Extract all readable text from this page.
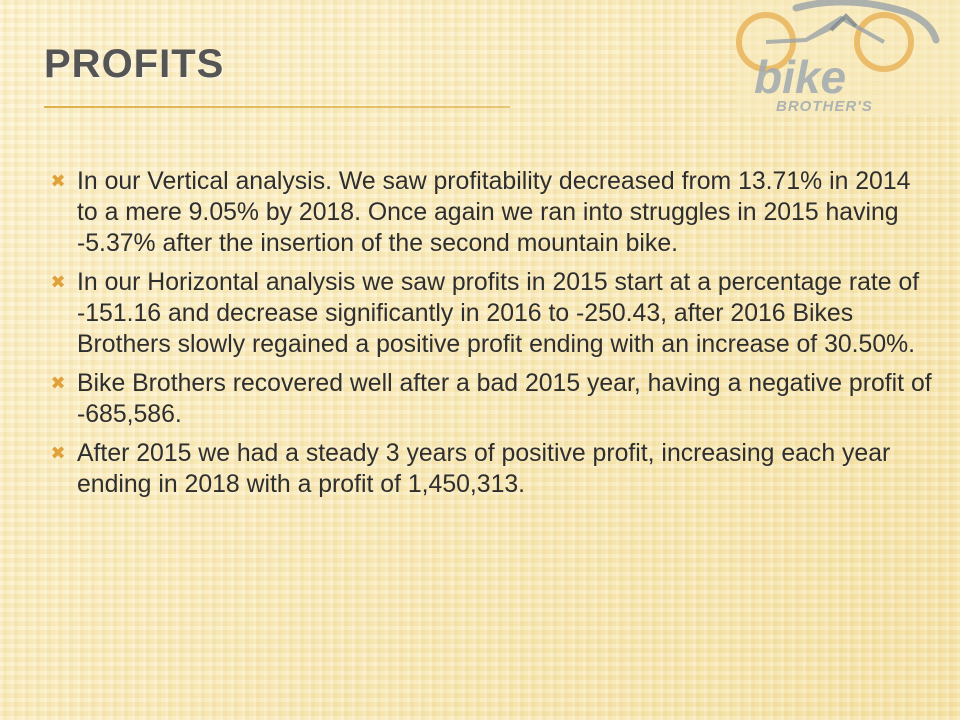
PROFITS	bike
BROTHER'S
✖ In our Vertical analysis. We saw profitability decreased from 13.71% in 2014 to a mere 9.05% by 2018. Once again we ran into struggles in 2015 having -5.37% after the insertion of the second mountain bike.
✖ In our Horizontal analysis we saw profits in 2015 start at a percentage rate of -151.16 and decrease significantly in 2016 to -250.43, after 2016 Bikes Brothers slowly regained a positive profit ending with an increase of 30.50%.
✖ Bike Brothers recovered well after a bad 2015 year, having a negative profit of -685,586.
✖ After 2015 we had a steady 3 years of positive profit, increasing each year ending in 2018 with a profit of 1,450,313.
